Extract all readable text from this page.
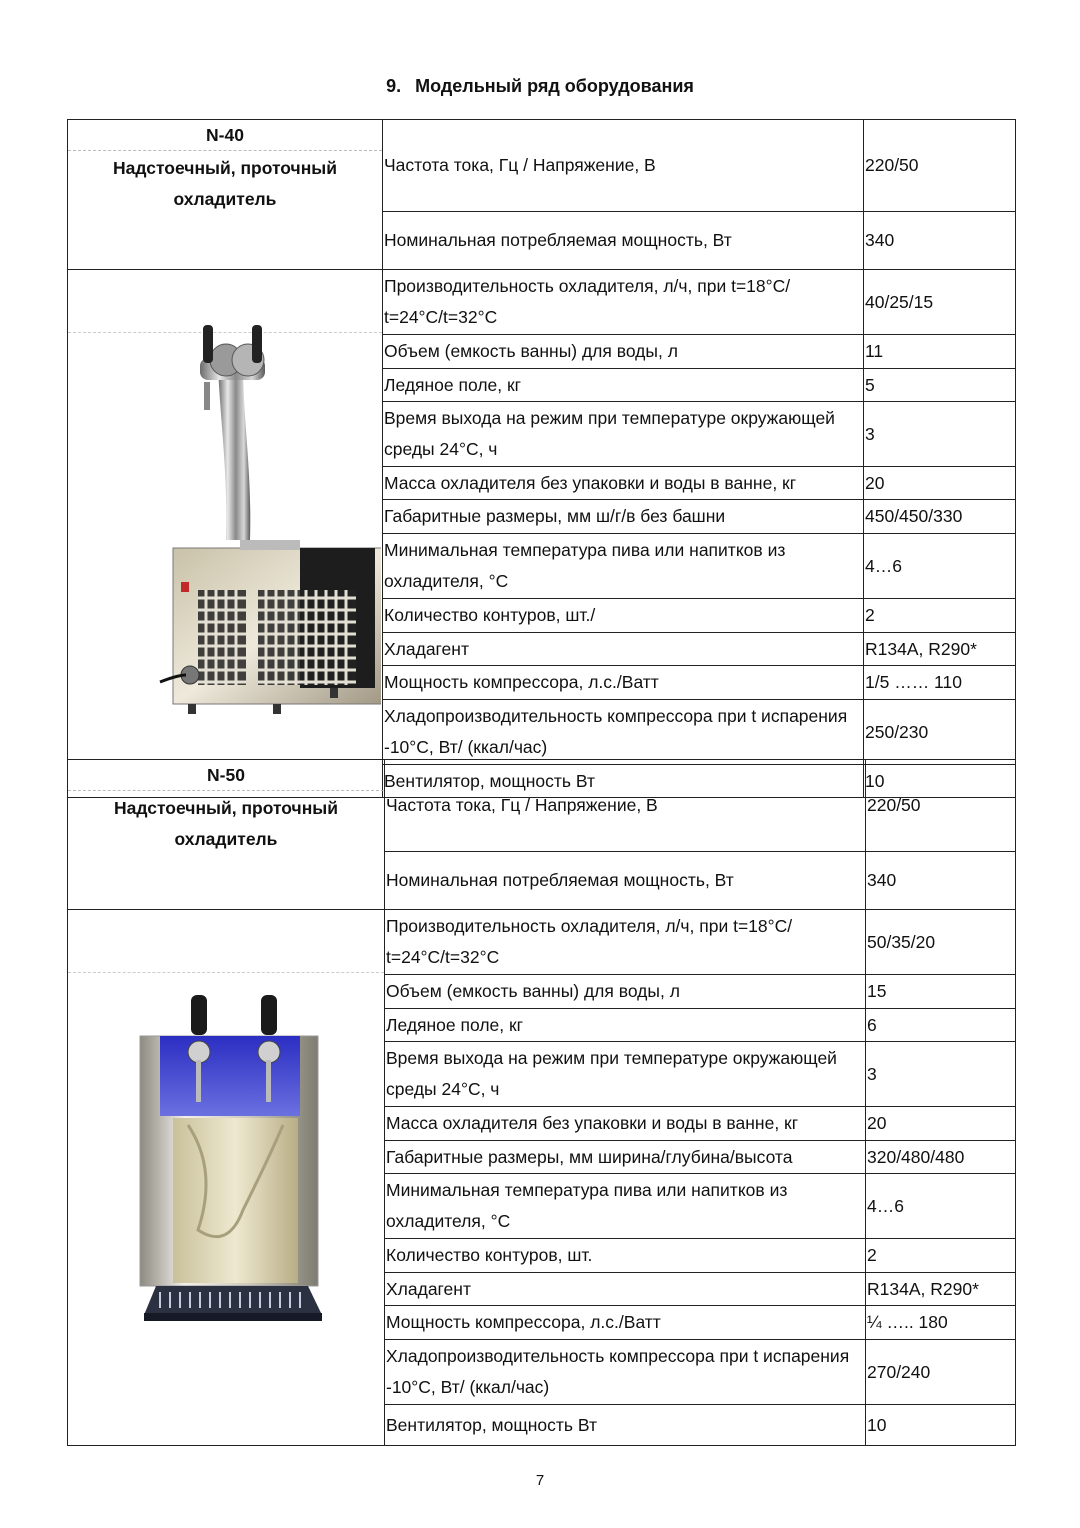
9. Модельный ряд оборудования
N-40
Надстоечный, проточный охладитель	Частота тока, Гц / Напряжение, В	220/50
	Номинальная потребляемая мощность, Вт	340

	Производительность охладителя, л/ч, при t=18°С/ t=24°С/t=32°С	40/25/15
	Объем (емкость ванны) для воды, л	11
	Ледяное поле, кг	5
	Время выхода на режим при температуре окружающей среды 24°С, ч	3
	Масса охладителя без упаковки и воды в ванне, кг	20
	Габаритные размеры, мм ш/г/в без башни	450/450/330
	Минимальная температура пива или напитков из охладителя, °С	4…6
	Количество контуров, шт./	2
	Хладагент	R134A, R290*
	Мощность компрессора, л.с./Ватт	1/5 …… 110
	Хладопроизводительность компрессора при t испарения -10°С, Вт/ (ккал/час)	250/230
	Вентилятор, мощность Вт	10
N-50
Надстоечный, проточный охладитель	Частота тока, Гц / Напряжение, В	220/50
	Номинальная потребляемая мощность, Вт	340

	Производительность охладителя, л/ч, при t=18°С/ t=24°С/t=32°С	50/35/20
	Объем (емкость ванны) для воды, л	15
	Ледяное поле, кг	6
	Время выхода на режим при температуре окружающей среды 24°С, ч	3
	Масса охладителя без упаковки и воды в ванне, кг	20
	Габаритные размеры, мм ширина/глубина/высота	320/480/480
	Минимальная температура пива или напитков из охладителя, °С	4…6
	Количество контуров, шт.	2
	Хладагент	R134A, R290*
	Мощность компрессора, л.с./Ватт	¼ ….. 180
	Хладопроизводительность компрессора при t испарения -10°С, Вт/ (ккал/час)	270/240
	Вентилятор, мощность Вт	10
7
